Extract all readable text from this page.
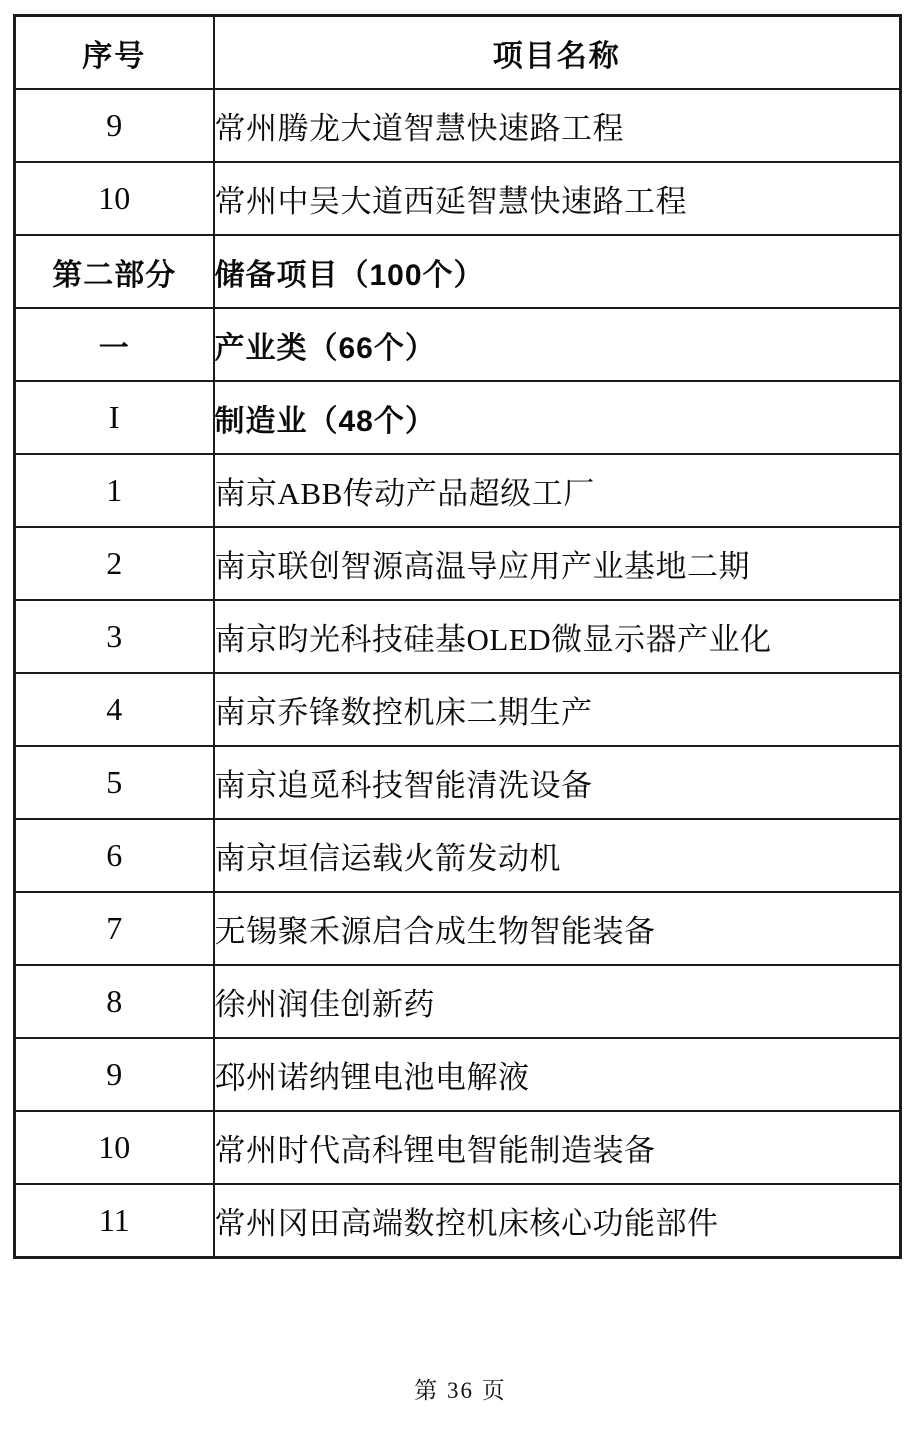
序号	项目名称
9	常州腾龙大道智慧快速路工程
10	常州中吴大道西延智慧快速路工程
第二部分	储备项目（100个）
一	产业类（66个）
I	制造业（48个）
1	南京ABB传动产品超级工厂
2	南京联创智源高温导应用产业基地二期
3	南京昀光科技硅基OLED微显示器产业化
4	南京乔锋数控机床二期生产
5	南京追觅科技智能清洗设备
6	南京垣信运载火箭发动机
7	无锡聚禾源启合成生物智能装备
8	徐州润佳创新药
9	邳州诺纳锂电池电解液
10	常州时代高科锂电智能制造装备
11	常州冈田高端数控机床核心功能部件
第 36 页
